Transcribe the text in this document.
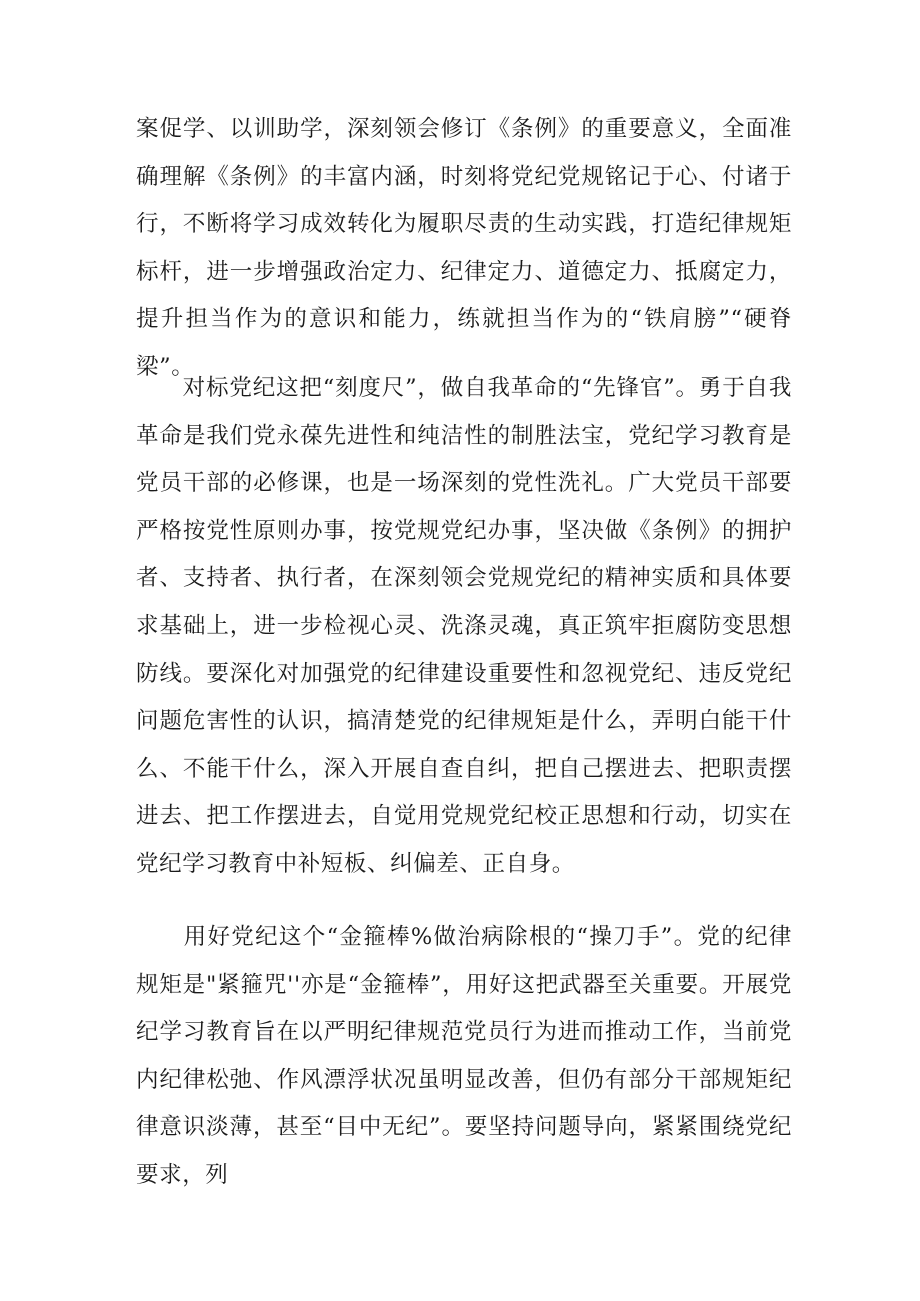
案促学、以训助学，深刻领会修订《条例》的重要意义，全面准确理解《条例》的丰富内涵，时刻将党纪党规铭记于心、付诸于行，不断将学习成效转化为履职尽责的生动实践，打造纪律规矩标杆，进一步增强政治定力、纪律定力、道德定力、抵腐定力，提升担当作为的意识和能力，练就担当作为的“铁肩膀”“硬脊梁”。

　　对标党纪这把“刻度尺”，做自我革命的“先锋官”。勇于自我革命是我们党永葆先进性和纯洁性的制胜法宝，党纪学习教育是党员干部的必修课，也是一场深刻的党性洗礼。广大党员干部要严格按党性原则办事，按党规党纪办事，坚决做《条例》的拥护者、支持者、执行者，在深刻领会党规党纪的精神实质和具体要求基础上，进一步检视心灵、洗涤灵魂，真正筑牢拒腐防变思想防线。要深化对加强党的纪律建设重要性和忽视党纪、违反党纪问题危害性的认识，搞清楚党的纪律规矩是什么，弄明白能干什么、不能干什么，深入开展自查自纠，把自己摆进去、把职责摆进去、把工作摆进去，自觉用党规党纪校正思想和行动，切实在党纪学习教育中补短板、纠偏差、正自身。

　　用好党纪这个“金箍棒%做治病除根的“操刀手”。党的纪律规矩是"紧箍咒''亦是“金箍棒”，用好这把武器至关重要。开展党纪学习教育旨在以严明纪律规范党员行为进而推动工作，当前党内纪律松弛、作风漂浮状况虽明显改善，但仍有部分干部规矩纪律意识淡薄，甚至“目中无纪”。要坚持问题导向，紧紧围绕党纪要求，列
